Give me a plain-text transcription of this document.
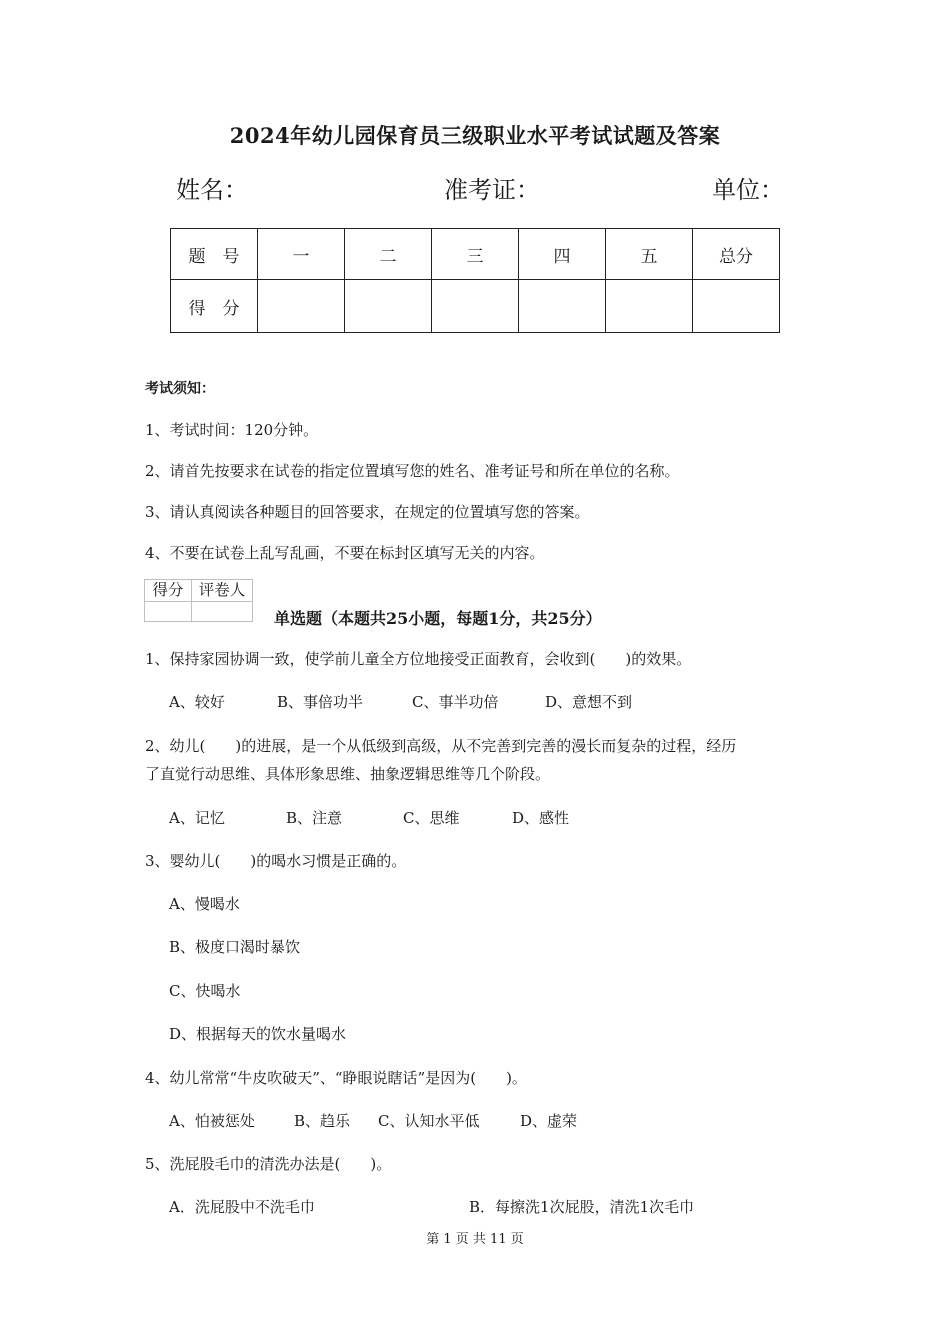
2024年幼儿园保育员三级职业水平考试试题及答案
姓名：	准考证：	单位：
题　号	一	二	三	四	五	总分
得　分						
考试须知：
1、考试时间：120分钟。
2、请首先按要求在试卷的指定位置填写您的姓名、准考证号和所在单位的名称。
3、请认真阅读各种题目的回答要求，在规定的位置填写您的答案。
4、不要在试卷上乱写乱画，不要在标封区填写无关的内容。
得分	评卷人

单选题（本题共25小题，每题1分，共25分）
1、保持家园协调一致，使学前儿童全方位地接受正面教育，会收到(　　)的效果。
A、较好	B、事倍功半	C、事半功倍	D、意想不到
2、幼儿(　　)的进展，是一个从低级到高级，从不完善到完善的漫长而复杂的过程，经历
了直觉行动思维、具体形象思维、抽象逻辑思维等几个阶段。
A、记忆	B、注意	C、思维	D、感性
3、婴幼儿(　　)的喝水习惯是正确的。
A、慢喝水
B、极度口渴时暴饮
C、快喝水
D、根据每天的饮水量喝水
4、幼儿常常“牛皮吹破天”、“睁眼说瞎话”是因为(　　)。
A、怕被惩处	B、趋乐 C、认知水平低	D、虚荣
5、洗屁股毛巾的清洗办法是(　　)。
A．洗屁股中不洗毛巾	B．每擦洗1次屁股，清洗1次毛巾
第 1 页 共 11 页
